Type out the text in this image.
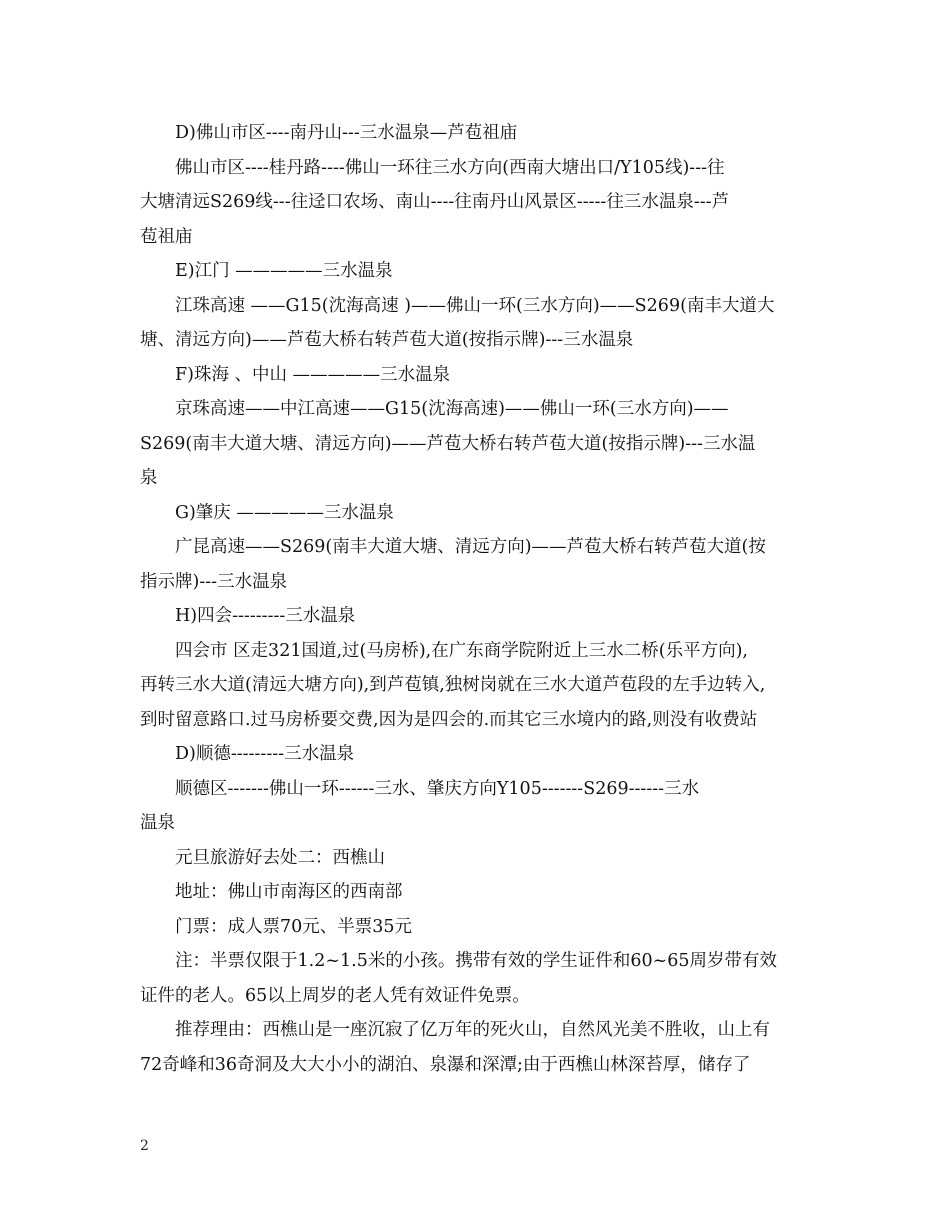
D)佛山市区----南丹山---三水温泉—芦苞祖庙
佛山市区----桂丹路----佛山一环往三水方向(西南大塘出口/Y105线)---往
大塘清远S269线---往迳口农场、南山----往南丹山风景区-----往三水温泉---芦
苞祖庙
E)江门 —————三水温泉
江珠高速 ——G15(沈海高速 )——佛山一环(三水方向)——S269(南丰大道大
塘、清远方向)——芦苞大桥右转芦苞大道(按指示牌)---三水温泉
F)珠海 、中山 —————三水温泉
京珠高速——中江高速——G15(沈海高速)——佛山一环(三水方向)——
S269(南丰大道大塘、清远方向)——芦苞大桥右转芦苞大道(按指示牌)---三水温
泉
G)肇庆 —————三水温泉
广昆高速——S269(南丰大道大塘、清远方向)——芦苞大桥右转芦苞大道(按
指示牌)---三水温泉
H)四会---------三水温泉
四会市 区走321国道,过(马房桥),在广东商学院附近上三水二桥(乐平方向),
再转三水大道(清远大塘方向),到芦苞镇,独树岗就在三水大道芦苞段的左手边转入,
到时留意路口.过马房桥要交费,因为是四会的.而其它三水境内的路,则没有收费站
D)顺德---------三水温泉
顺德区-------佛山一环------三水、肇庆方向Y105-------S269------三水
温泉
元旦旅游好去处二：西樵山
地址：佛山市南海区的西南部
门票：成人票70元、半票35元
注：半票仅限于1.2~1.5米的小孩。携带有效的学生证件和60~65周岁带有效
证件的老人。65以上周岁的老人凭有效证件免票。
推荐理由：西樵山是一座沉寂了亿万年的死火山，自然风光美不胜收，山上有
72奇峰和36奇洞及大大小小的湖泊、泉瀑和深潭;由于西樵山林深苔厚，储存了
2
